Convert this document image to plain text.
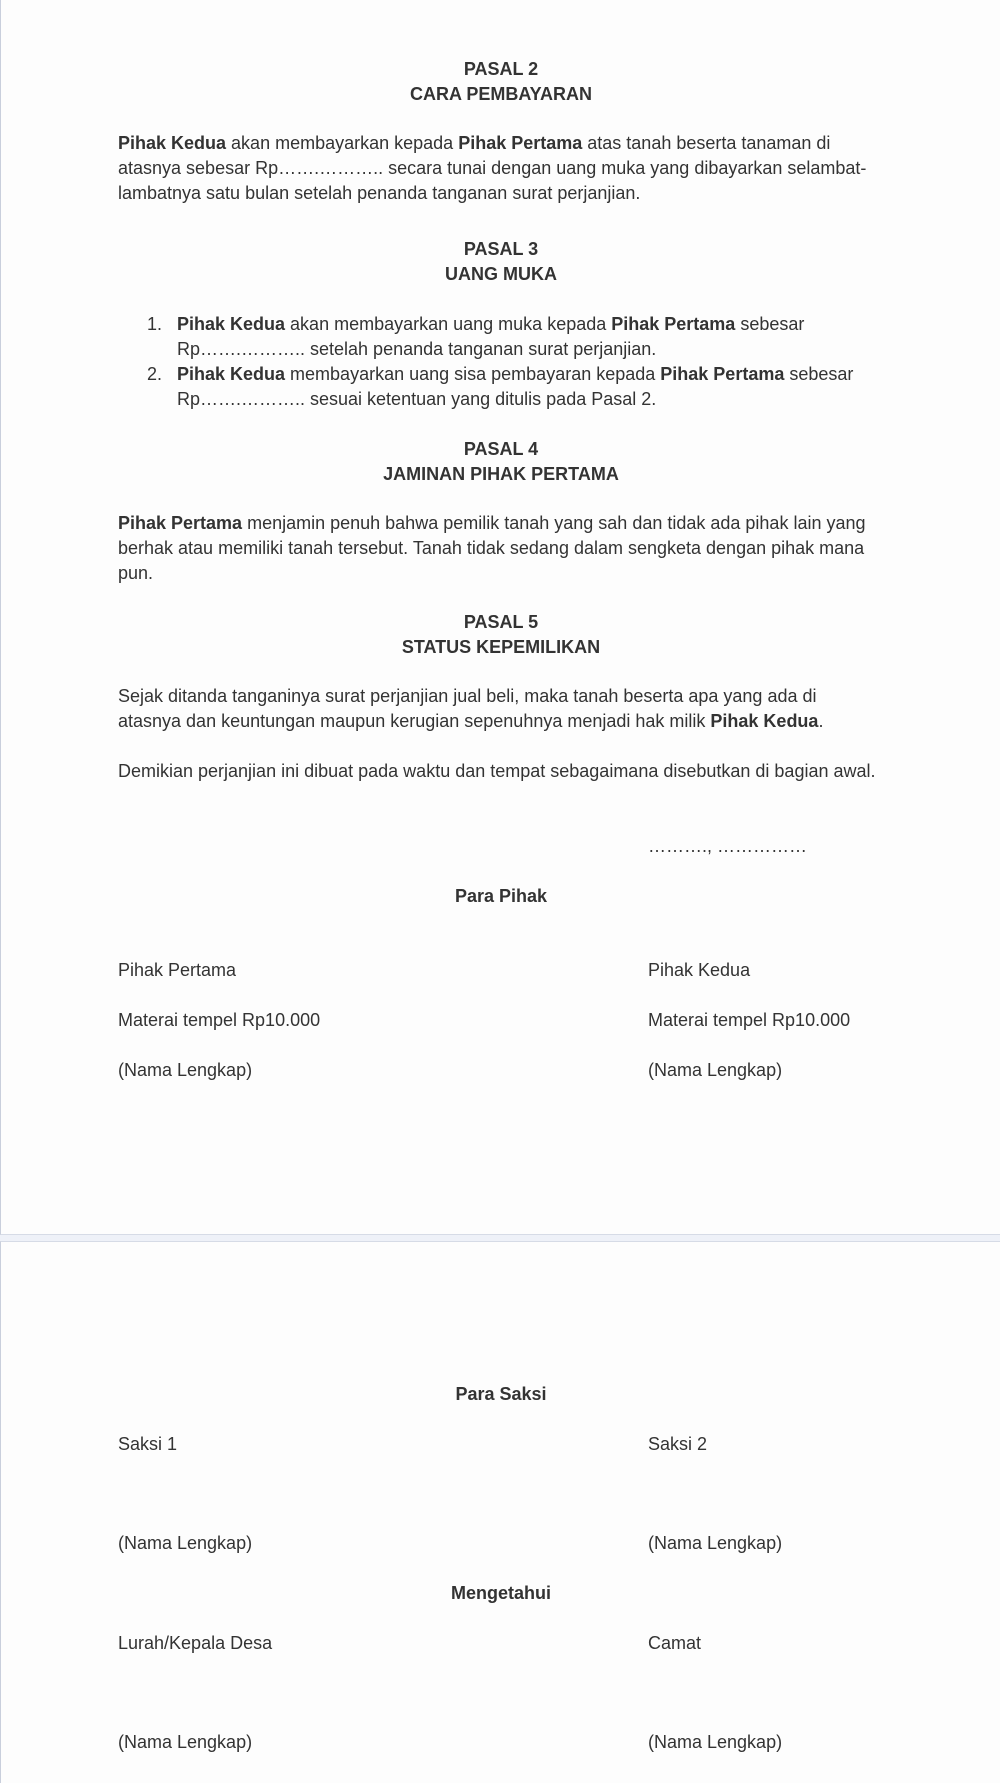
PASAL 2
CARA PEMBAYARAN
Pihak Kedua akan membayarkan kepada Pihak Pertama atas tanah beserta tanaman di atasnya sebesar Rp…….……….. secara tunai dengan uang muka yang dibayarkan selambat-lambatnya satu bulan setelah penanda tanganan surat perjanjian.
PASAL 3
UANG MUKA
1. Pihak Kedua akan membayarkan uang muka kepada Pihak Pertama sebesar Rp…….……….. setelah penanda tanganan surat perjanjian.
2. Pihak Kedua membayarkan uang sisa pembayaran kepada Pihak Pertama sebesar Rp…….……….. sesuai ketentuan yang ditulis pada Pasal 2.
PASAL 4
JAMINAN PIHAK PERTAMA
Pihak Pertama menjamin penuh bahwa pemilik tanah yang sah dan tidak ada pihak lain yang berhak atau memiliki tanah tersebut. Tanah tidak sedang dalam sengketa dengan pihak mana pun.
PASAL 5
STATUS KEPEMILIKAN
Sejak ditanda tanganinya surat perjanjian jual beli, maka tanah beserta apa yang ada di atasnya dan keuntungan maupun kerugian sepenuhnya menjadi hak milik Pihak Kedua.
Demikian perjanjian ini dibuat pada waktu dan tempat sebagaimana disebutkan di bagian awal.
………., ……………
Para Pihak
Pihak Pertama	Pihak Kedua
Materai tempel Rp10.000	Materai tempel Rp10.000
(Nama Lengkap)	(Nama Lengkap)
Para Saksi
Saksi 1	Saksi 2
(Nama Lengkap)	(Nama Lengkap)
Mengetahui
Lurah/Kepala Desa	Camat
(Nama Lengkap)	(Nama Lengkap)
